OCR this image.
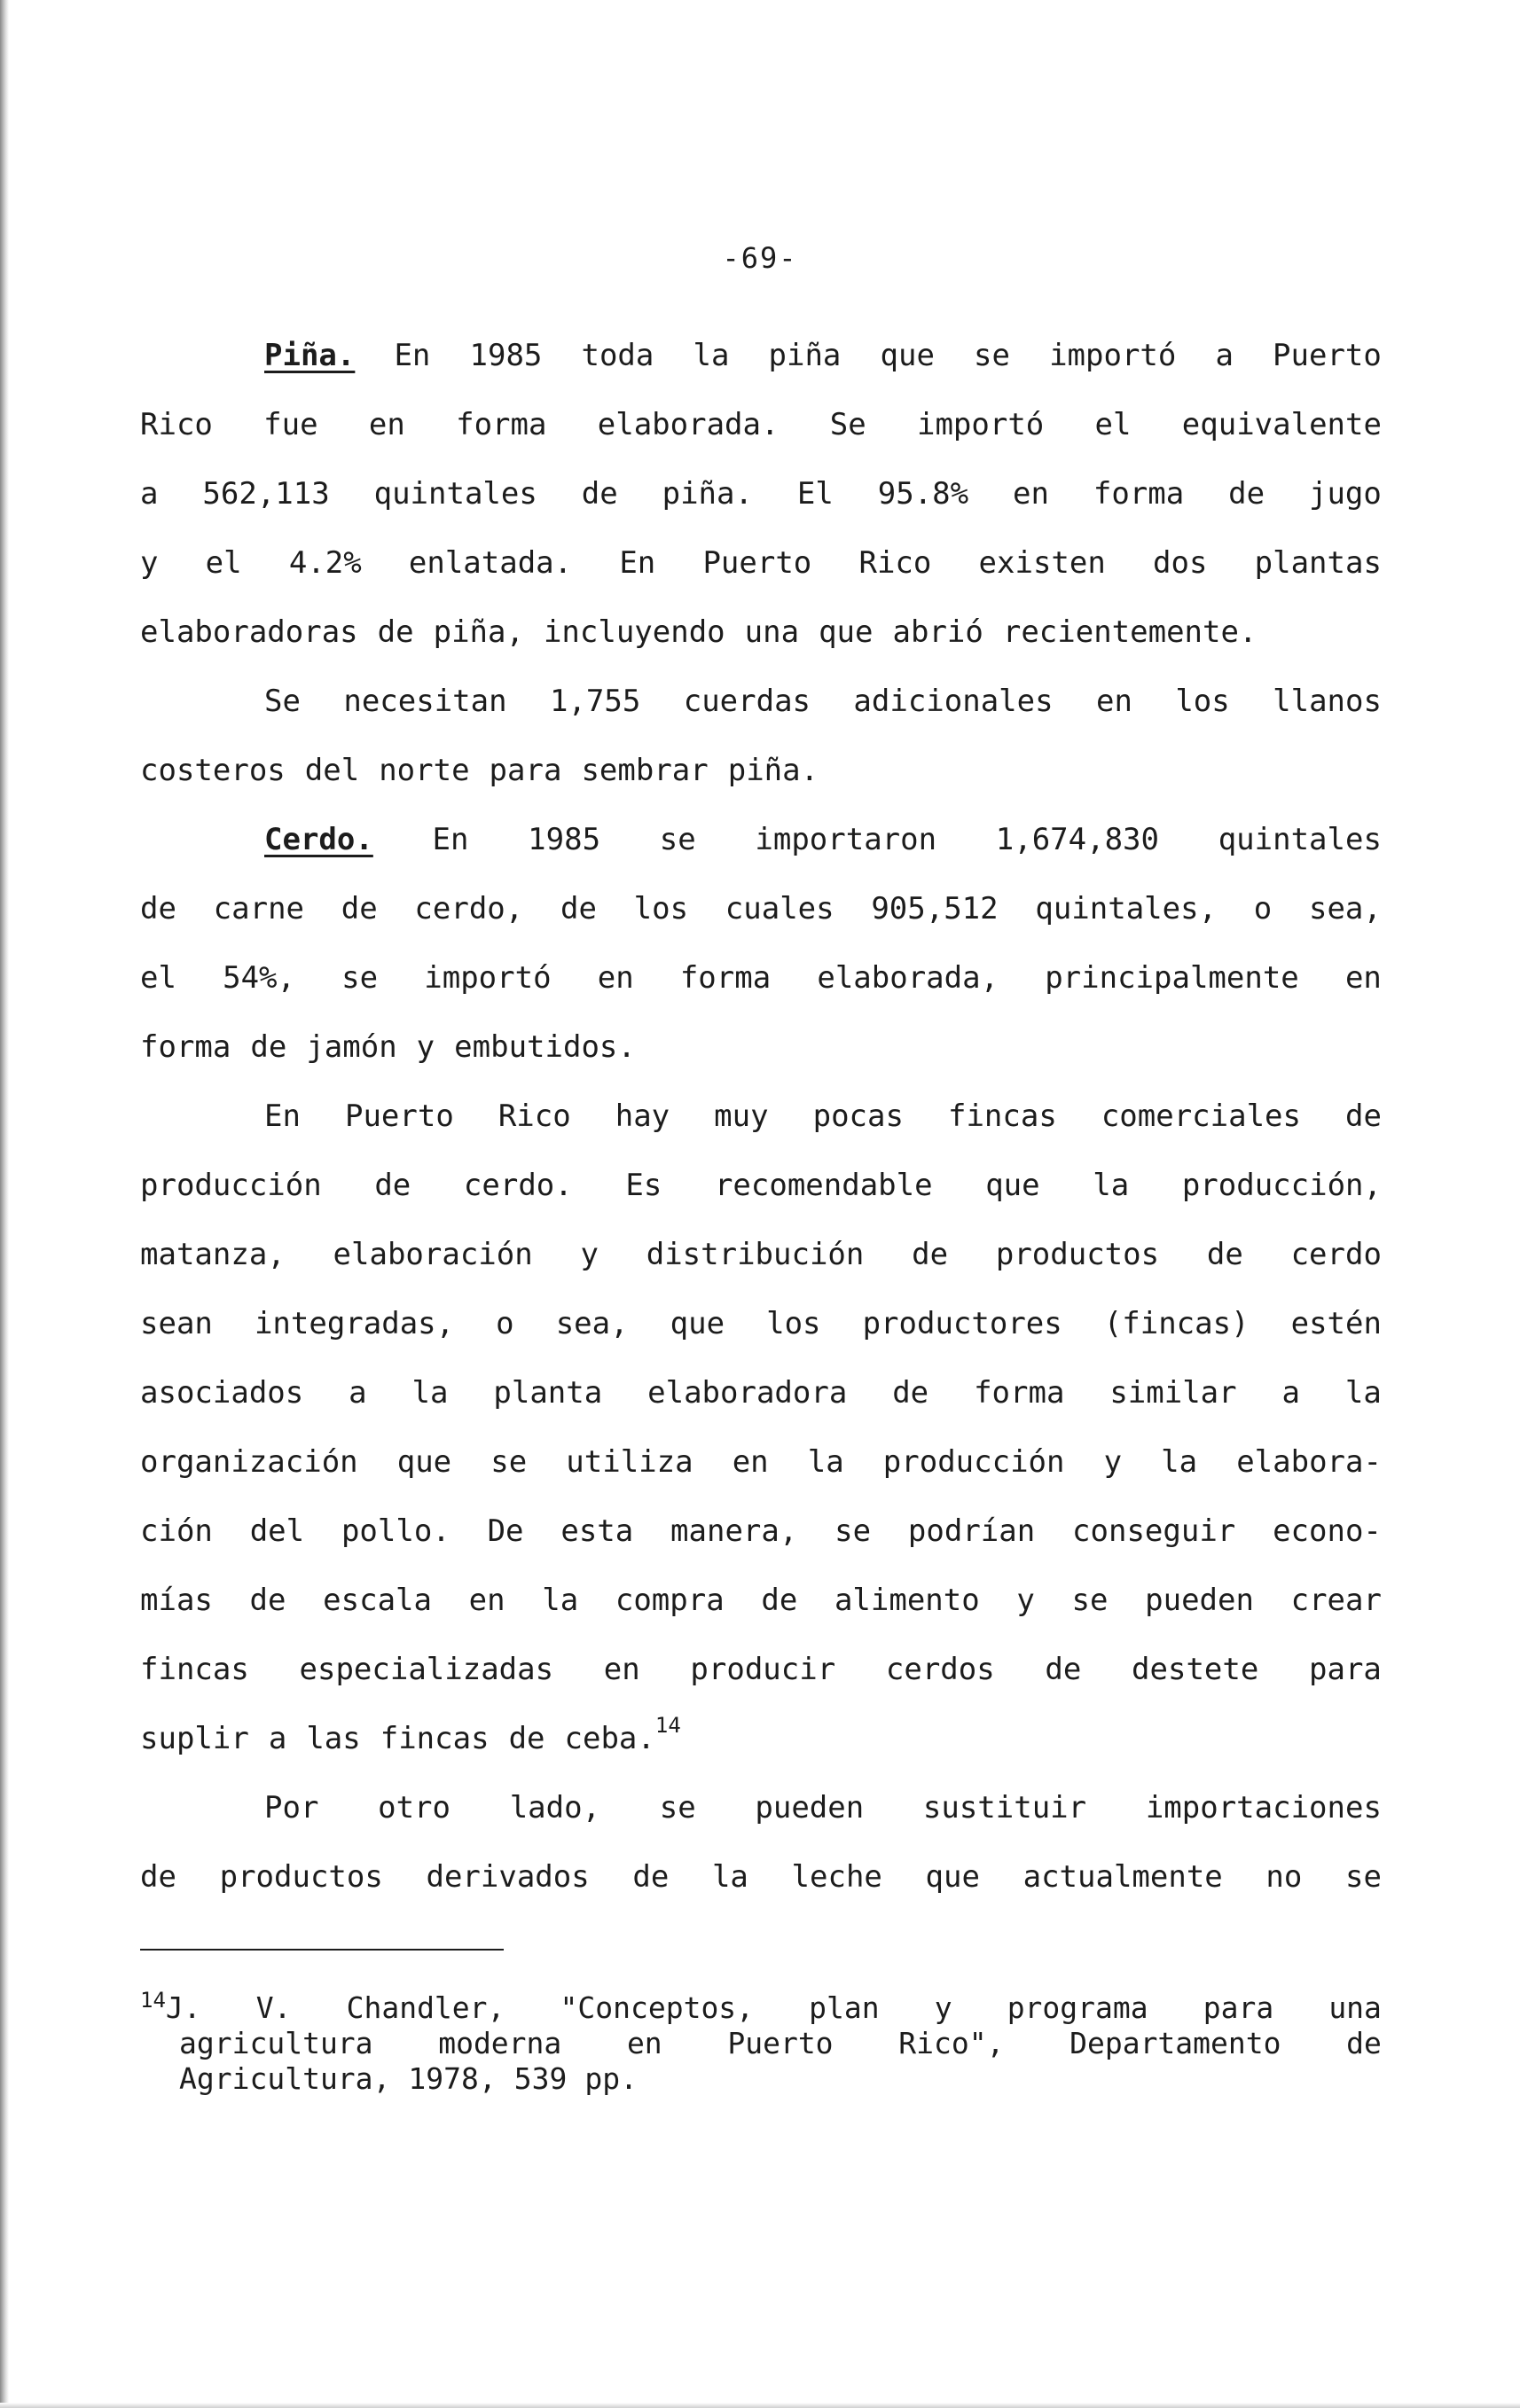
-69-
Piña. En 1985 toda la piña que se importó a Puerto
Rico fue en forma elaborada. Se importó el equivalente
a 562,113 quintales de piña. El 95.8% en forma de jugo
y el 4.2% enlatada. En Puerto Rico existen dos plantas
elaboradoras de piña, incluyendo una que abrió recientemente.
Se necesitan 1,755 cuerdas adicionales en los llanos
costeros del norte para sembrar piña.
Cerdo. En 1985 se importaron 1,674,830 quintales
de carne de cerdo, de los cuales 905,512 quintales, o sea,
el 54%, se importó en forma elaborada, principalmente en
forma de jamón y embutidos.
En Puerto Rico hay muy pocas fincas comerciales de
producción de cerdo. Es recomendable que la producción,
matanza, elaboración y distribución de productos de cerdo
sean integradas, o sea, que los productores (fincas) estén
asociados a la planta elaboradora de forma similar a la
organización que se utiliza en la producción y la elabora-
ción del pollo. De esta manera, se podrían conseguir econo-
mías de escala en la compra de alimento y se pueden crear
fincas especializadas en producir cerdos de destete para
suplir a las fincas de ceba.$^{14}$
Por otro lado, se pueden sustituir importaciones
de productos derivados de la leche que actualmente no se
$^{14}$J. V. Chandler, "Conceptos, plan y programa para una
agricultura moderna en Puerto Rico", Departamento de
Agricultura, 1978, 539 pp.
